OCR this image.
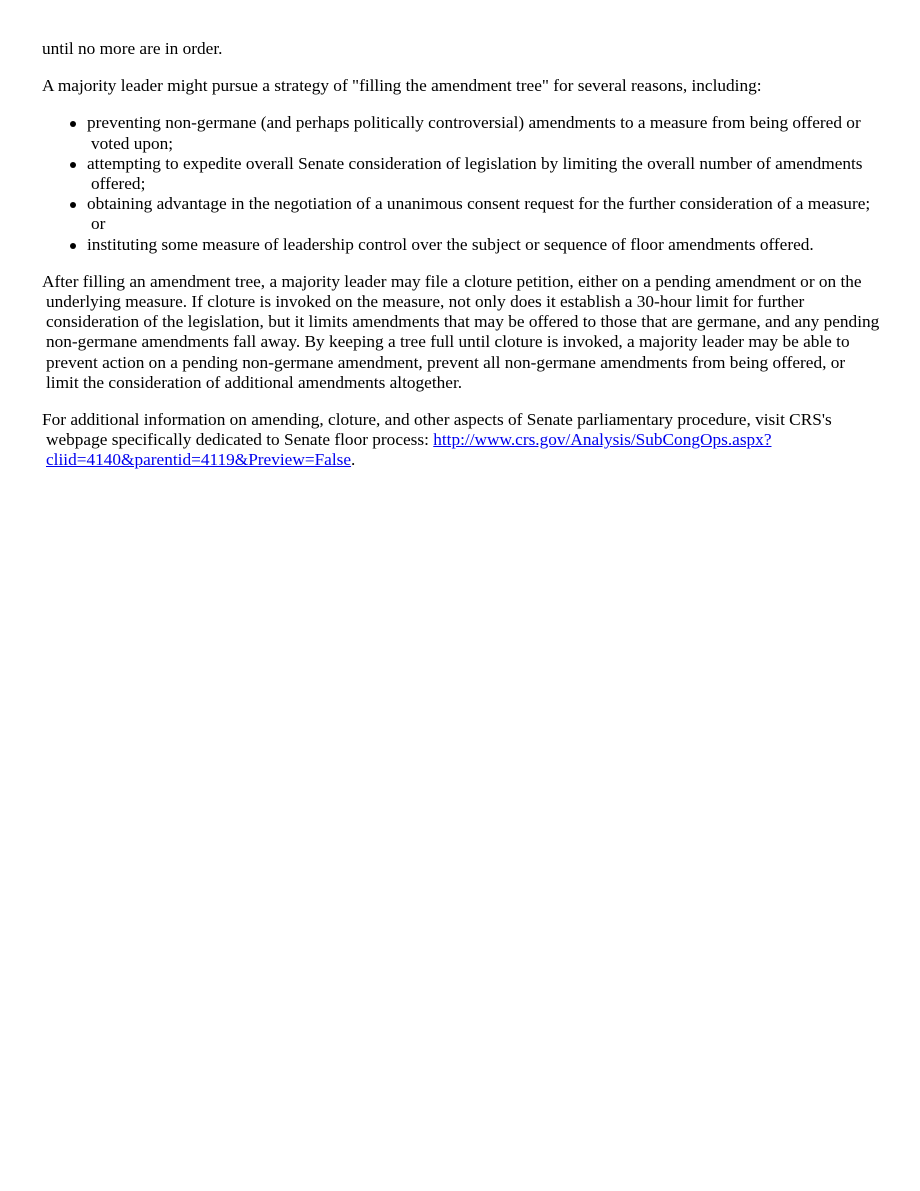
until no more are in order.

A majority leader might pursue a strategy of "filling the amendment tree" for several reasons, including:

preventing non-germane (and perhaps politically controversial) amendments to a measure from being offered or voted upon;
attempting to expedite overall Senate consideration of legislation by limiting the overall number of amendments offered;
obtaining advantage in the negotiation of a unanimous consent request for the further consideration of a measure; or
instituting some measure of leadership control over the subject or sequence of floor amendments offered.

After filling an amendment tree, a majority leader may file a cloture petition, either on a pending amendment or on the underlying measure. If cloture is invoked on the measure, not only does it establish a 30-hour limit for further consideration of the legislation, but it limits amendments that may be offered to those that are germane, and any pending non-germane amendments fall away. By keeping a tree full until cloture is invoked, a majority leader may be able to prevent action on a pending non-germane amendment, prevent all non-germane amendments from being offered, or limit the consideration of additional amendments altogether.

For additional information on amending, cloture, and other aspects of Senate parliamentary procedure, visit CRS's webpage specifically dedicated to Senate floor process: http://www.crs.gov/Analysis/SubCongOps.aspx?cliid=4140&parentid=4119&Preview=False.
